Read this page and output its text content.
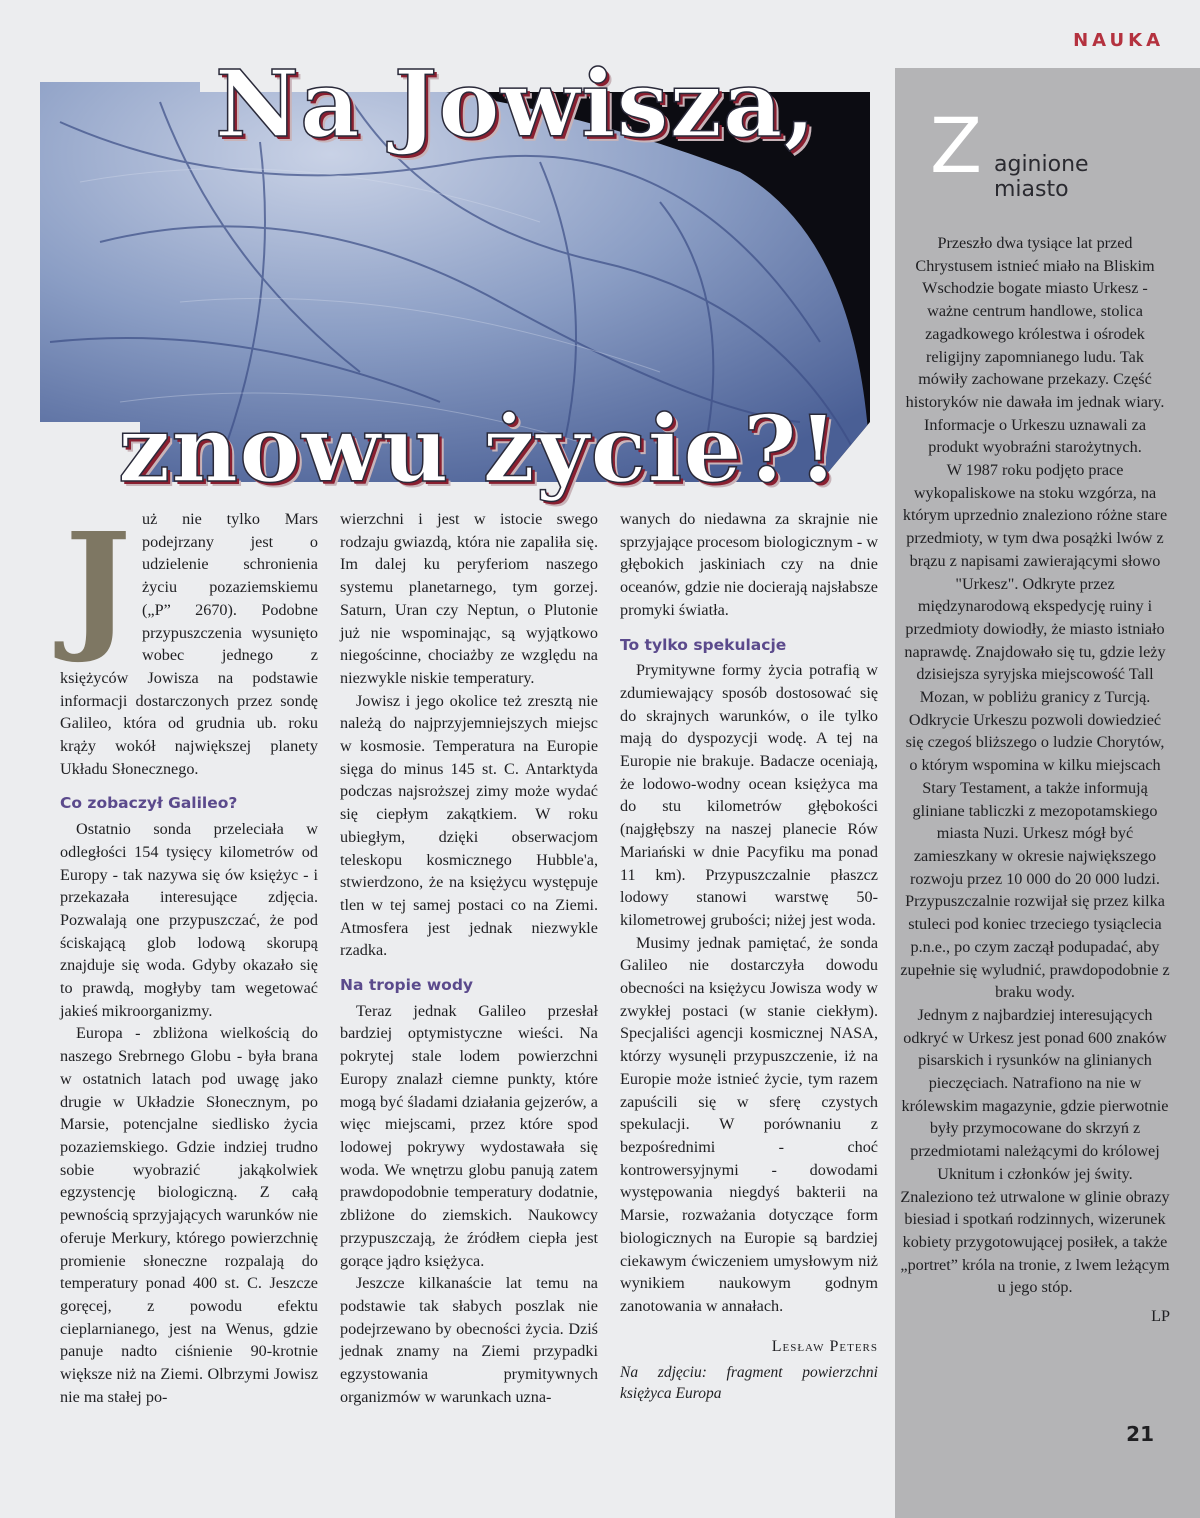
NAUKA
Na Jowisza,
znowu życie?!
J uż nie tylko Mars podejrzany jest o udzielenie schronienia życiu pozaziemskiemu („P” 2670). Podobne przypuszczenia wysunięto wobec jednego z księżyców Jowisza na podstawie informacji dostarczonych przez sondę Galileo, która od grudnia ub. roku krąży wokół największej planety Układu Słonecznego.

Co zobaczył Galileo?

Ostatnio sonda przeleciała w odległości 154 tysięcy kilometrów od Europy - tak nazywa się ów księżyc - i przekazała interesujące zdjęcia. Pozwalają one przypuszczać, że pod ściskającą glob lodową skorupą znajduje się woda. Gdyby okazało się to prawdą, mogłyby tam wegetować jakieś mikroorganizmy.

Europa - zbliżona wielkością do naszego Srebrnego Globu - była brana w ostatnich latach pod uwagę jako drugie w Układzie Słonecznym, po Marsie, potencjalne siedlisko życia pozaziemskiego. Gdzie indziej trudno sobie wyobrazić jakąkolwiek egzystencję biologiczną. Z całą pewnością sprzyjających warunków nie oferuje Merkury, którego powierzchnię promienie słoneczne rozpalają do temperatury ponad 400 st. C. Jeszcze goręcej, z powodu efektu cieplarnianego, jest na Wenus, gdzie panuje nadto ciśnienie 90-krotnie większe niż na Ziemi. Olbrzymi Jowisz nie ma stałej po-

wierzchni i jest w istocie swego rodzaju gwiazdą, która nie zapaliła się. Im dalej ku peryferiom naszego systemu planetarnego, tym gorzej. Saturn, Uran czy Neptun, o Plutonie już nie wspominając, są wyjątkowo niegościnne, chociażby ze względu na niezwykle niskie temperatury.

Jowisz i jego okolice też zresztą nie należą do najprzyjemniejszych miejsc w kosmosie. Temperatura na Europie sięga do minus 145 st. C. Antarktyda podczas najsroższej zimy może wydać się ciepłym zakątkiem. W roku ubiegłym, dzięki obserwacjom teleskopu kosmicznego Hubble'a, stwierdzono, że na księżycu występuje tlen w tej samej postaci co na Ziemi. Atmosfera jest jednak niezwykle rzadka.

Na tropie wody

Teraz jednak Galileo przesłał bardziej optymistyczne wieści. Na pokrytej stale lodem powierzchni Europy znalazł ciemne punkty, które mogą być śladami działania gejzerów, a więc miejscami, przez które spod lodowej pokrywy wydostawała się woda. We wnętrzu globu panują zatem prawdopodobnie temperatury dodatnie, zbliżone do ziemskich. Naukowcy przypuszczają, że źródłem ciepła jest gorące jądro księżyca.

Jeszcze kilkanaście lat temu na podstawie tak słabych poszlak nie podejrzewano by obecności życia. Dziś jednak znamy na Ziemi przypadki egzystowania prymitywnych organizmów w warunkach uzna-

wanych do niedawna za skrajnie nie sprzyjające procesom biologicznym - w głębokich jaskiniach czy na dnie oceanów, gdzie nie docierają najsłabsze promyki światła.

To tylko spekulacje

Prymitywne formy życia potrafią w zdumiewający sposób dostosować się do skrajnych warunków, o ile tylko mają do dyspozycji wodę. A tej na Europie nie brakuje. Badacze oceniają, że lodowo-wodny ocean księżyca ma do stu kilometrów głębokości (najgłębszy na naszej planecie Rów Mariański w dnie Pacyfiku ma ponad 11 km). Przypuszczalnie płaszcz lodowy stanowi warstwę 50-kilometrowej grubości; niżej jest woda.

Musimy jednak pamiętać, że sonda Galileo nie dostarczyła dowodu obecności na księżycu Jowisza wody w zwykłej postaci (w stanie ciekłym). Specjaliści agencji kosmicznej NASA, którzy wysunęli przypuszczenie, iż na Europie może istnieć życie, tym razem zapuścili się w sferę czystych spekulacji. W porównaniu z bezpośrednimi - choć kontrowersyjnymi - dowodami występowania niegdyś bakterii na Marsie, rozważania dotyczące form biologicznych na Europie są bardziej ciekawym ćwiczeniem umysłowym niż wynikiem naukowym godnym zanotowania w annałach.

Lesław Peters
Na zdjęciu: fragment powierzchni księżyca Europa
Z aginione miasto

Przeszło dwa tysiące lat przed Chrystusem istnieć miało na Bliskim Wschodzie bogate miasto Urkesz - ważne centrum handlowe, stolica zagadkowego królestwa i ośrodek religijny zapomnianego ludu. Tak mówiły zachowane przekazy. Część historyków nie dawała im jednak wiary. Informacje o Urkeszu uznawali za produkt wyobraźni starożytnych.

W 1987 roku podjęto prace wykopaliskowe na stoku wzgórza, na którym uprzednio znaleziono różne stare przedmioty, w tym dwa posążki lwów z brązu z napisami zawierającymi słowo "Urkesz". Odkryte przez międzynarodową ekspedycję ruiny i przedmioty dowiodły, że miasto istniało naprawdę. Znajdowało się tu, gdzie leży dzisiejsza syryjska miejscowość Tall Mozan, w pobliżu granicy z Turcją.

Odkrycie Urkeszu pozwoli dowiedzieć się czegoś bliższego o ludzie Chorytów, o którym wspomina w kilku miejscach Stary Testament, a także informują gliniane tabliczki z mezopotamskiego miasta Nuzi. Urkesz mógł być zamieszkany w okresie największego rozwoju przez 10 000 do 20 000 ludzi. Przypuszczalnie rozwijał się przez kilka stuleci pod koniec trzeciego tysiąclecia p.n.e., po czym zaczął podupadać, aby zupełnie się wyludnić, prawdopodobnie z braku wody.

Jednym z najbardziej interesujących odkryć w Urkesz jest ponad 600 znaków pisarskich i rysunków na glinianych pieczęciach. Natrafiono na nie w królewskim magazynie, gdzie pierwotnie były przymocowane do skrzyń z przedmiotami należącymi do królowej Uknitum i członków jej świty. Znaleziono też utrwalone w glinie obrazy biesiad i spotkań rodzinnych, wizerunek kobiety przygotowującej posiłek, a także „portret” króla na tronie, z lwem leżącym u jego stóp.

LP
21
